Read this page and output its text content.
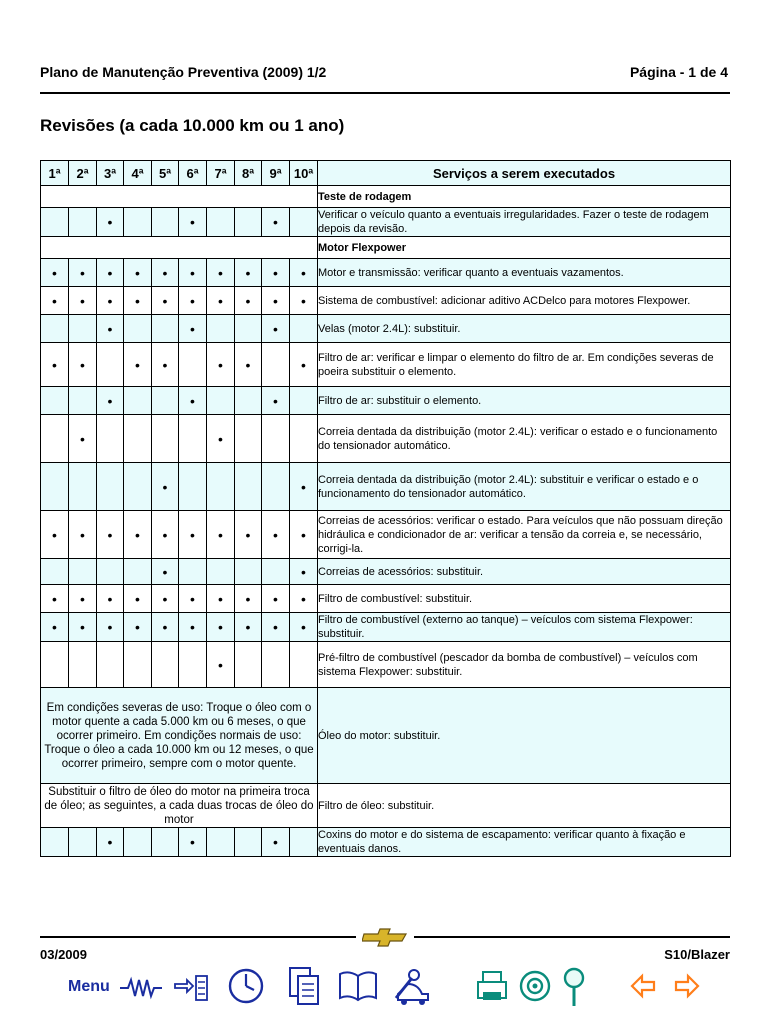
Plano de Manutenção Preventiva (2009) 1/2	Página - 1 de 4
Revisões (a cada 10.000 km ou 1 ano)
1ª	2ª	3ª	4ª	5ª	6ª	7ª	8ª	9ª	10ª	Serviços a serem executados
										Teste de rodagem
		•			•			•		Verificar o veículo quanto a eventuais irregularidades. Fazer o teste de rodagem depois da revisão.
										Motor Flexpower
•	•	•	•	•	•	•	•	•	•	Motor e transmissão: verificar quanto a eventuais vazamentos.
•	•	•	•	•	•	•	•	•	•	Sistema de combustível: adicionar aditivo ACDelco para motores Flexpower.
		•			•			•		Velas (motor 2.4L): substituir.
•	•		•	•		•	•		•	Filtro de ar: verificar e limpar o elemento do filtro de ar. Em condições severas de poeira substituir o elemento.
		•			•			•		Filtro de ar: substituir o elemento.
	•					•				Correia dentada da distribuição (motor 2.4L): verificar o estado e o funcionamento do tensionador automático.
				•					•	Correia dentada da distribuição (motor 2.4L): substituir e verificar o estado e o funcionamento do tensionador automático.
•	•	•	•	•	•	•	•	•	•	Correias de acessórios: verificar o estado. Para veículos que não possuam direção hidráulica e condicionador de ar: verificar a tensão da correia e, se necessário, corrigi-la.
				•					•	Correias de acessórios: substituir.
•	•	•	•	•	•	•	•	•	•	Filtro de combustível: substituir.
•	•	•	•	•	•	•	•	•	•	Filtro de combustível (externo ao tanque) – veículos com sistema Flexpower: substituir.
						•				Pré-filtro de combustível (pescador da bomba de combustível) – veículos com sistema Flexpower: substituir.
Em condições severas de uso: Troque o óleo com o motor quente a cada 5.000 km ou 6 meses, o que ocorrer primeiro. Em condições normais de uso: Troque o óleo a cada 10.000 km ou 12 meses, o que ocorrer primeiro, sempre com o motor quente.										Óleo do motor: substituir.
Substituir o filtro de óleo do motor na primeira troca de óleo; as seguintes, a cada duas trocas de óleo do motor										Filtro de óleo: substituir.
		•			•			•		Coxins do motor e do sistema de escapamento: verificar quanto à fixação e eventuais danos.
03/2009	S10/Blazer
Menu
